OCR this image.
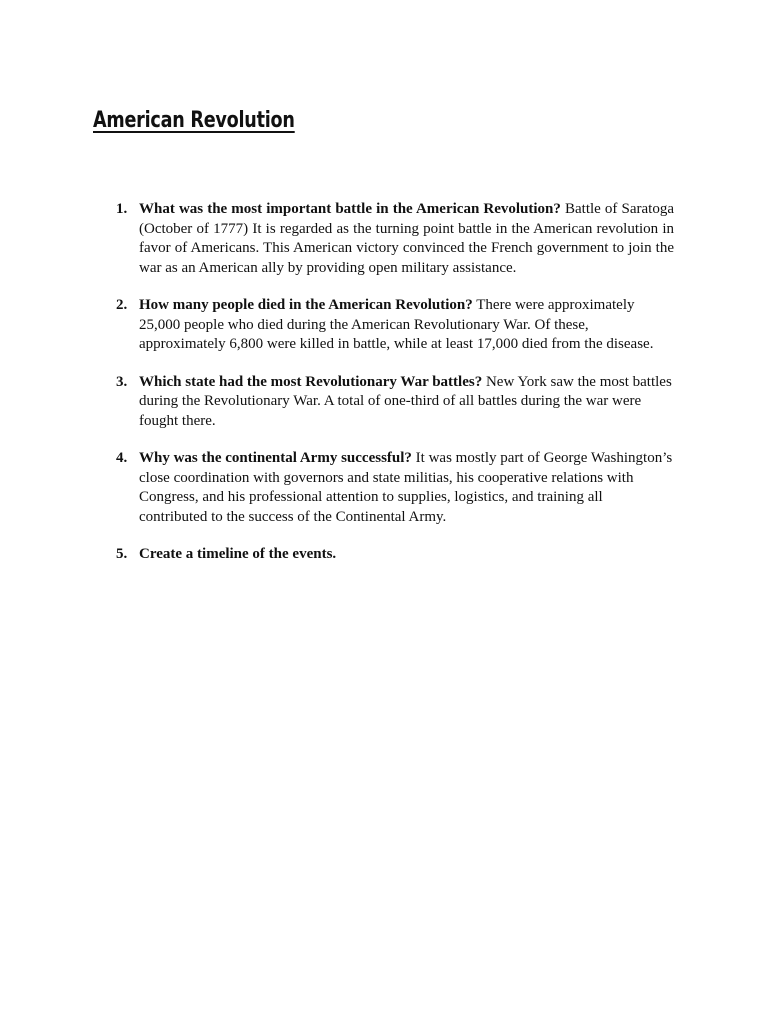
American Revolution
1. What was the most important battle in the American Revolution? Battle of Saratoga (October of 1777) It is regarded as the turning point battle in the American revolution in favor of Americans. This American victory convinced the French government to join the war as an American ally by providing open military assistance.
2. How many people died in the American Revolution? There were approximately 25,000 people who died during the American Revolutionary War. Of these, approximately 6,800 were killed in battle, while at least 17,000 died from the disease.
3. Which state had the most Revolutionary War battles? New York saw the most battles during the Revolutionary War. A total of one-third of all battles during the war were fought there.
4. Why was the continental Army successful? It was mostly part of George Washington’s close coordination with governors and state militias, his cooperative relations with Congress, and his professional attention to supplies, logistics, and training all contributed to the success of the Continental Army.
5. Create a timeline of the events.
